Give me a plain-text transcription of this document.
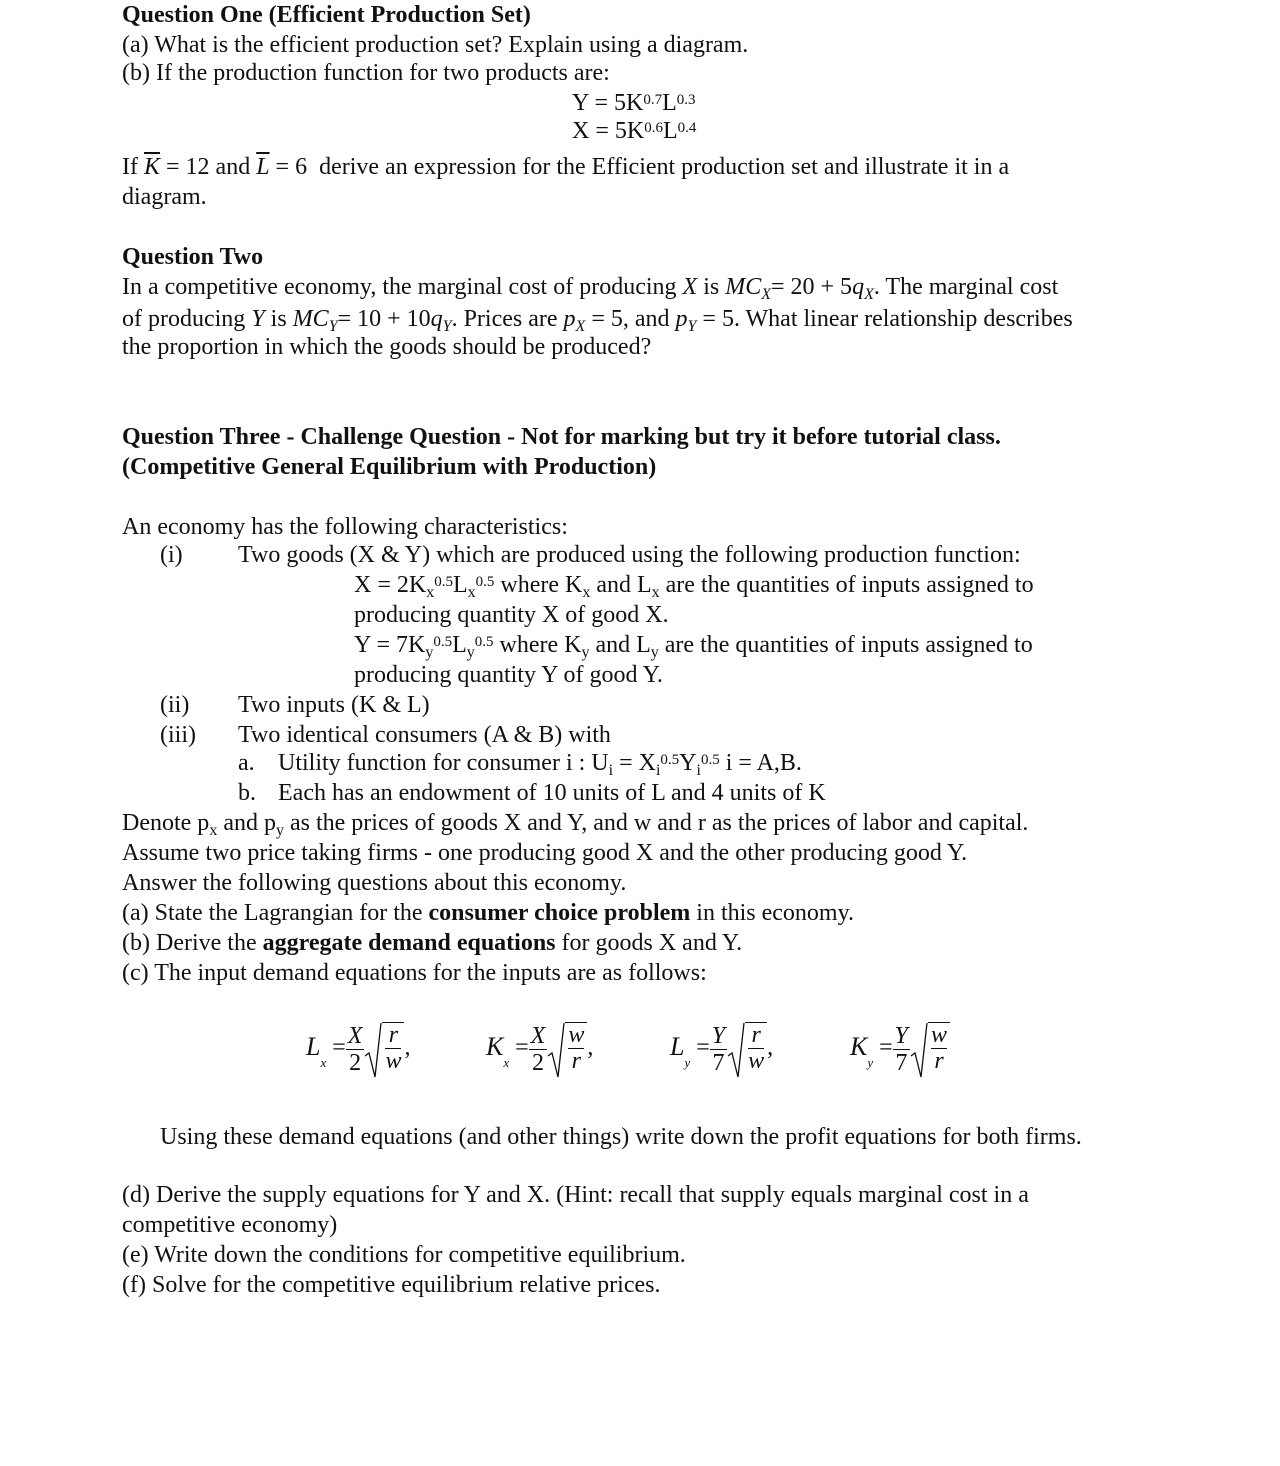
Question One (Efficient Production Set)
(a) What is the efficient production set? Explain using a diagram.
(b) If the production function for two products are:
$Y = 5K^{0.7}L^{0.3}$
$X = 5K^{0.6}L^{0.4}$
If $\overline{K} = 12$ and $\overline{L} = 6$ derive an expression for the Efficient production set and illustrate it in a
diagram.
Question Two
In a competitive economy, the marginal cost of producing X is $MC_X= 20 + 5q_X$. The marginal cost
of producing Y is $MC_Y= 10 + 10q_Y$. Prices are $p_X = 5$, and $p_Y = 5$. What linear relationship describes
the proportion in which the goods should be produced?
Question Three - Challenge Question - Not for marking but try it before tutorial class.
(Competitive General Equilibrium with Production)
An economy has the following characteristics:
(i) Two goods (X & Y) which are produced using the following production function:
$X = 2K_x^{0.5}L_x^{0.5}$ where $K_x$ and $L_x$ are the quantities of inputs assigned to
producing quantity X of good X.
$Y = 7K_y^{0.5}L_y^{0.5}$ where $K_y$ and $L_y$ are the quantities of inputs assigned to
producing quantity Y of good Y.
(ii) Two inputs (K & L)
(iii) Two identical consumers (A & B) with
a. Utility function for consumer i : $U_i = X_i^{0.5}Y_i^{0.5}$ i = A,B.
b. Each has an endowment of 10 units of L and 4 units of K
Denote $p_x$ and $p_y$ as the prices of goods X and Y, and w and r as the prices of labor and capital.
Assume two price taking firms - one producing good X and the other producing good Y.
Answer the following questions about this economy.
(a) State the Lagrangian for the consumer choice problem in this economy.
(b) Derive the aggregate demand equations for goods X and Y.
(c) The input demand equations for the inputs are as follows:
Using these demand equations (and other things) write down the profit equations for both firms.
(d) Derive the supply equations for Y and X. (Hint: recall that supply equals marginal cost in a
competitive economy)
(e) Write down the conditions for competitive equilibrium.
(f) Solve for the competitive equilibrium relative prices.
$L_x = \frac{X}{2} \frac{r}{w}$ ,	$K_x = \frac{X}{2} \frac{w}{r}$ ,	$L_y = \frac{Y}{7} \frac{r}{w}$ ,	$K_y = \frac{Y}{7} \frac{w}{r}$
